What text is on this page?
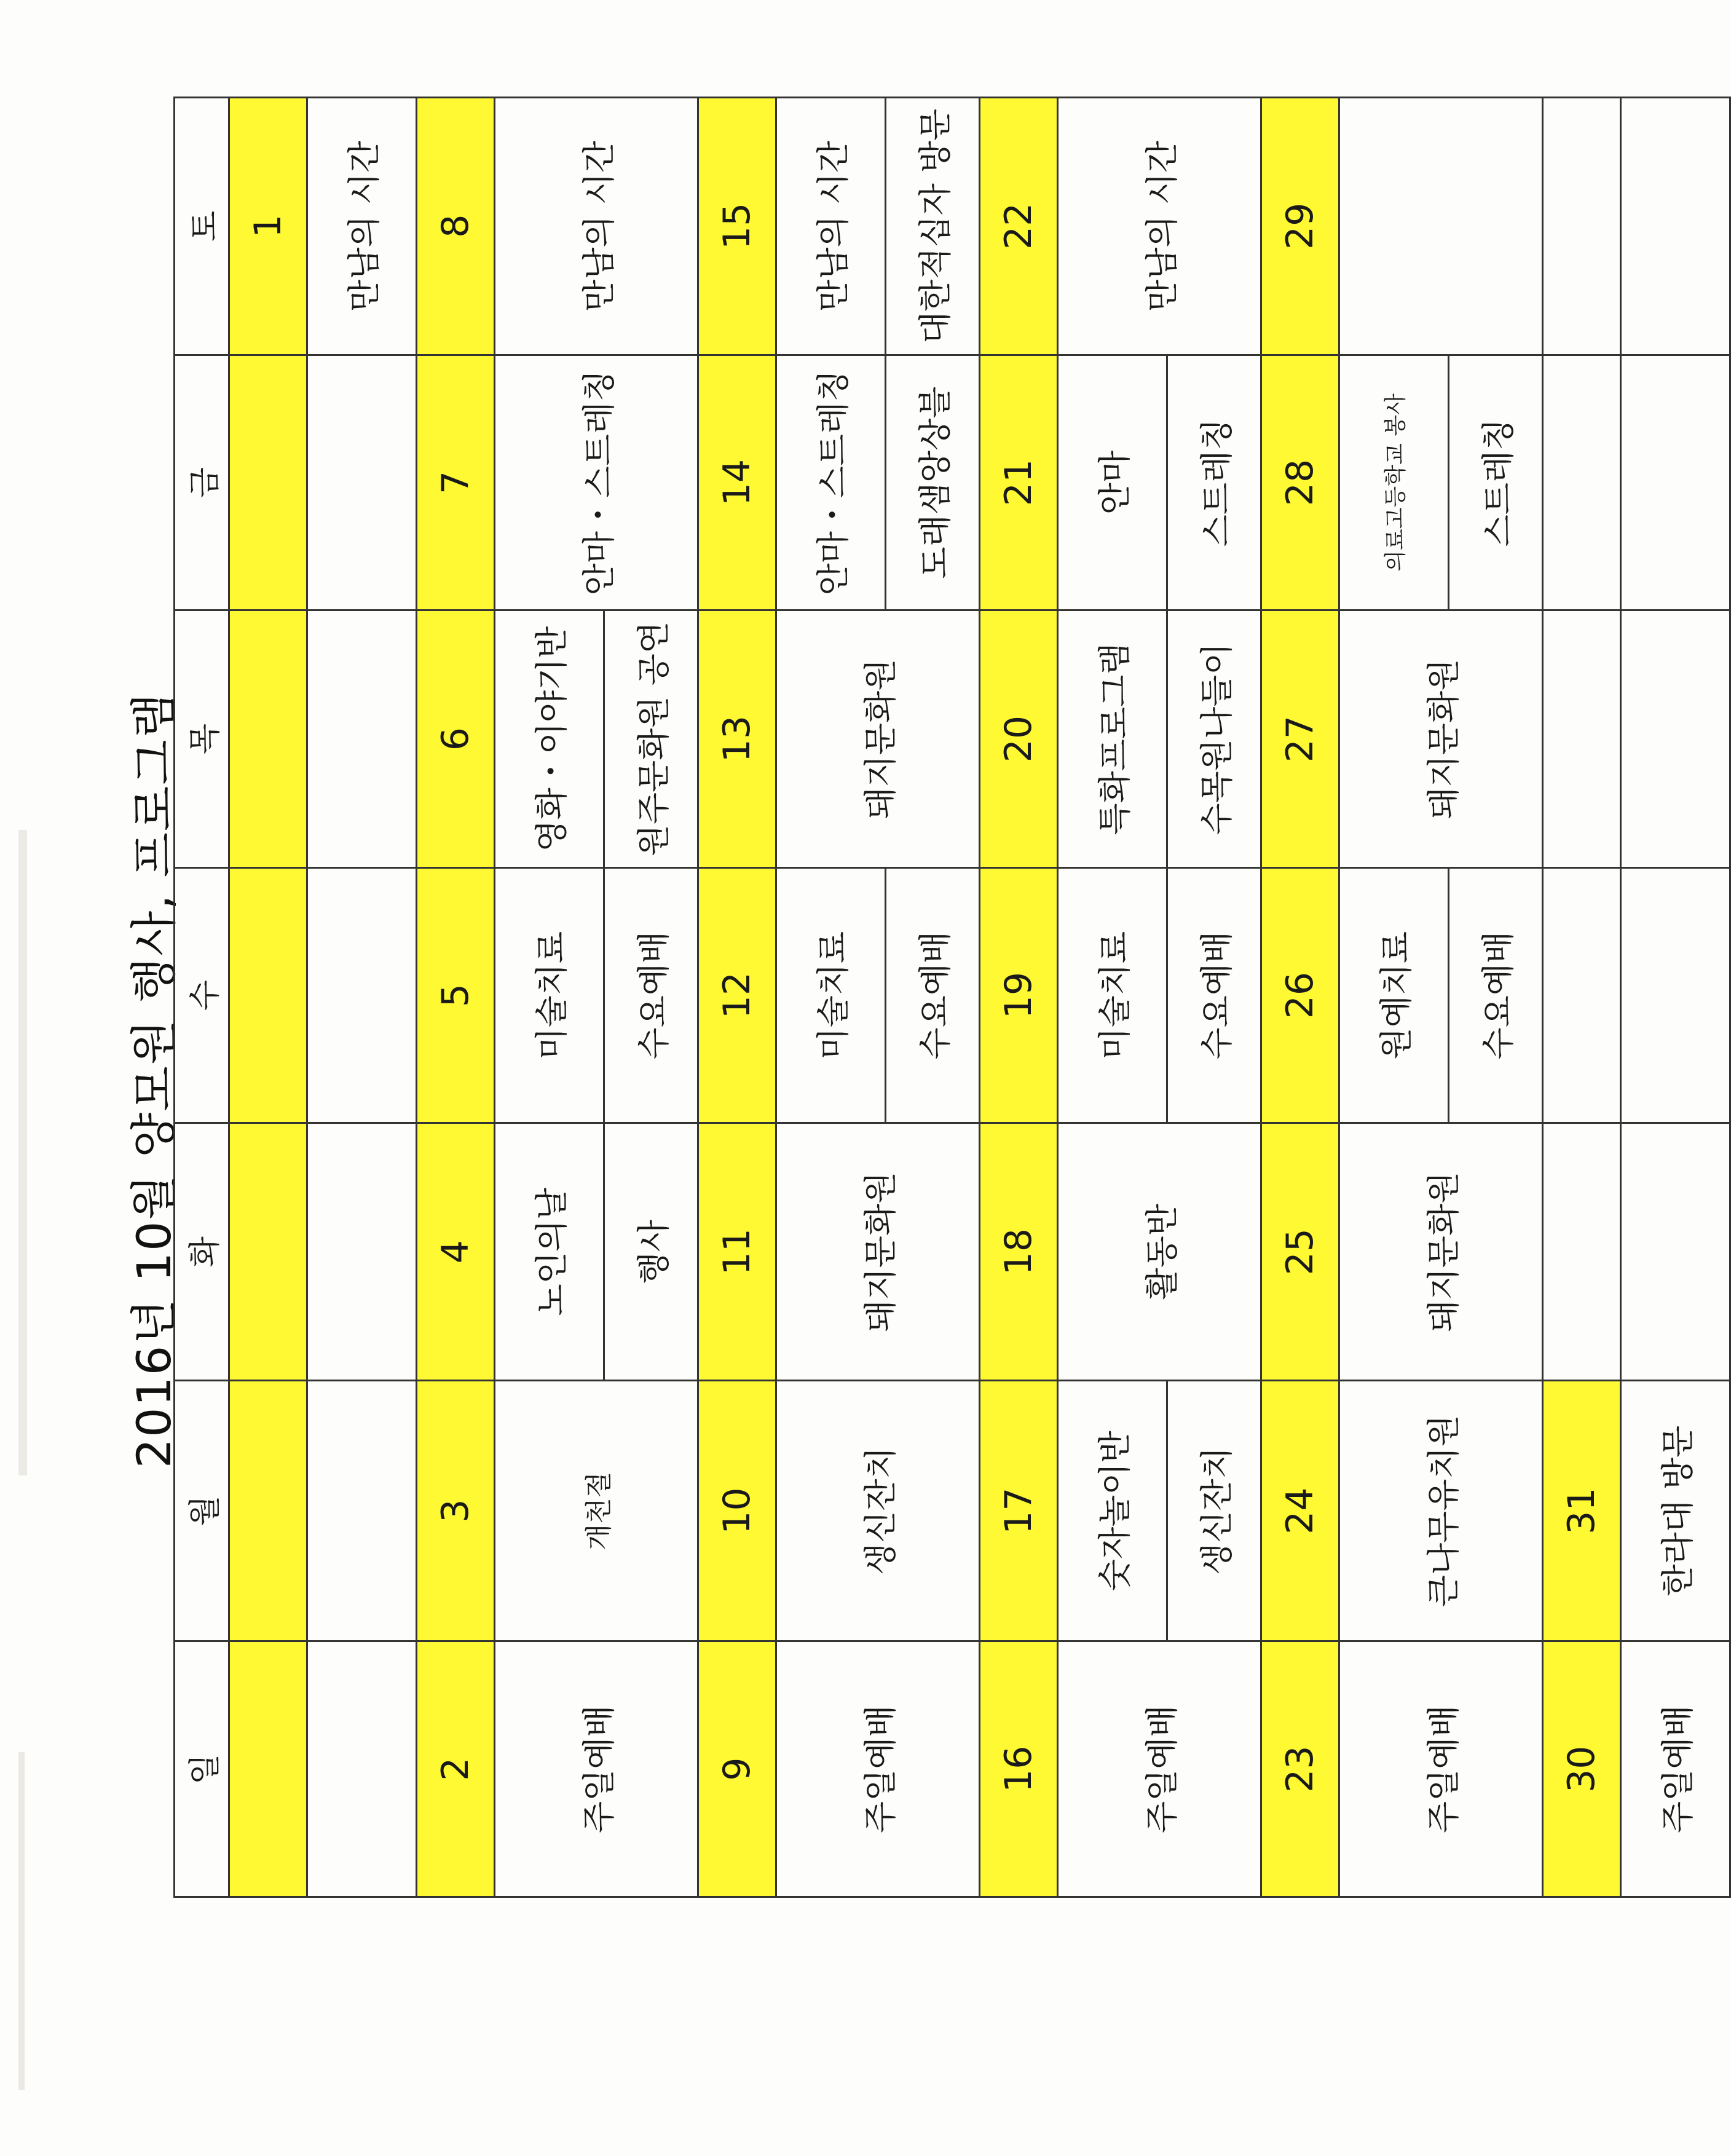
2016년 10월 양모원 행사, 프로그램
일	월	화	수	목	금	토
						1
						만남의 시간
2	3	4	5	6	7	8
주일예배	개천절	노인의날	미술치료	영화・이야기반	안마・스트레칭	만남의 시간
		행사	수요예배	원주문화원 공연		
9	10	11	12	13	14	15
주일예배	생신잔치	돼지문화원	미술치료	돼지문화원	안마・스트레칭	만남의 시간
			수요예배		도래샘앙상블	대한적십자 방문
16	17	18	19	20	21	22
주일예배	숫자놀이반	활동반	미술치료	특화프로그램	안마	만남의 시간
	생신잔치		수요예배	수목원나들이	스트레칭	
23	24	25	26	27	28	29
주일예배	큰나무유치원	돼지문화원	원예치료	돼지문화원	의료고등학교 봉사	
			수요예배		스트레칭	
30	31					
주일예배	한라대 방문					
